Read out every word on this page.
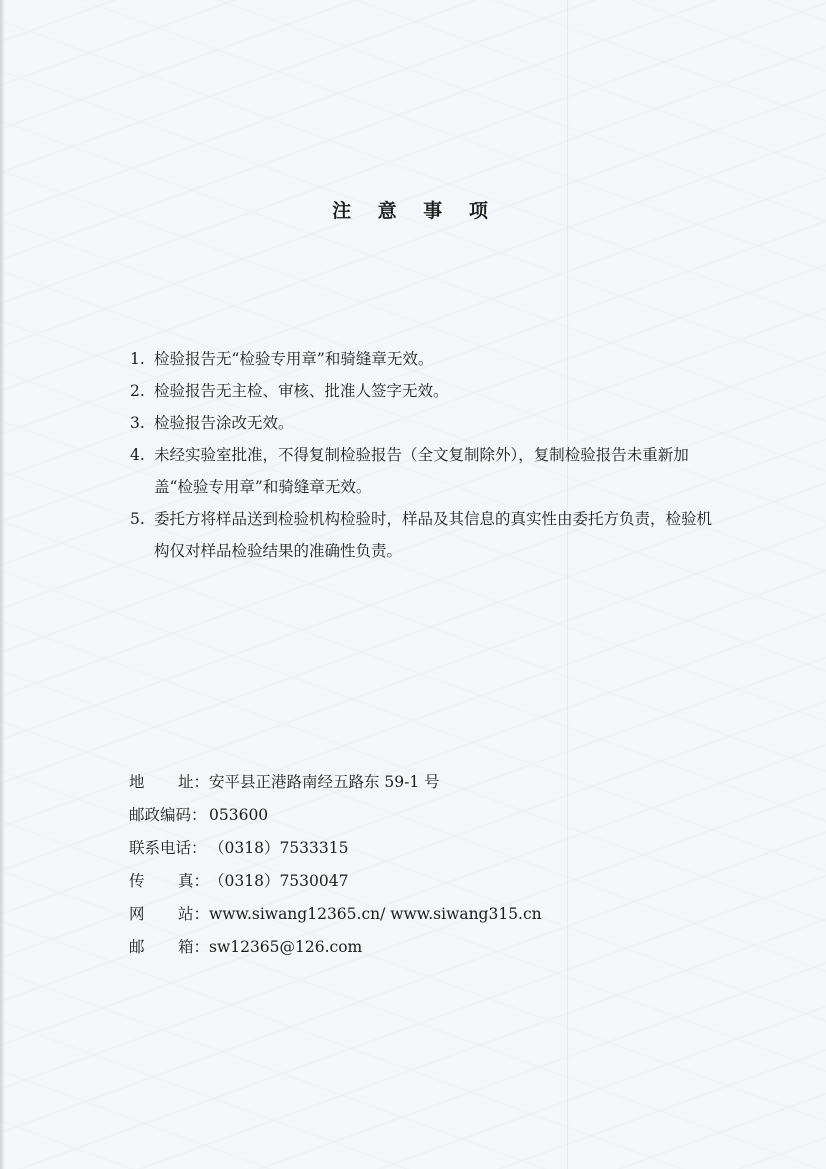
注 意 事 项
1. 检验报告无“检验专用章”和骑缝章无效。
2. 检验报告无主检、审核、批准人签字无效。
3. 检验报告涂改无效。
4. 未经实验室批准，不得复制检验报告（全文复制除外），复制检验报告未重新加盖“检验专用章”和骑缝章无效。
5. 委托方将样品送到检验机构检验时，样品及其信息的真实性由委托方负责，检验机构仅对样品检验结果的准确性负责。
地 址： 安平县正港路南经五路东 59-1 号
邮政编码： 053600
联系电话： （0318）7533315
传 真： （0318）7530047
网 站： www.siwang12365.cn/ www.siwang315.cn
邮 箱： sw12365@126.com
